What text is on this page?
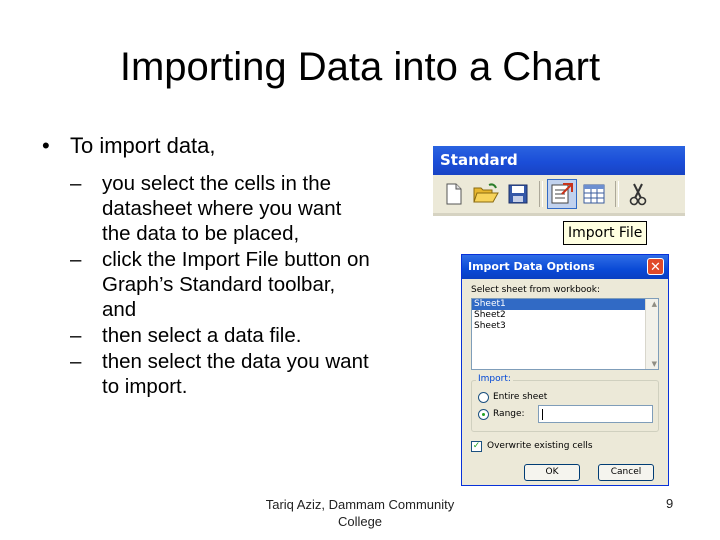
Importing Data into a Chart
• To import data,
– you select the cells in the datasheet where you want the data to be placed,
– click the Import File button on Graph’s Standard toolbar, and
– then select a data file.
– then select the data you want to import.
Standard
Import File
Import Data Options	✕
Select sheet from workbook:
Sheet1
Sheet2
Sheet3
▲
▼
Import:
Entire sheet
Range:
✓ Overwrite existing cells
OK	Cancel
Tariq Aziz, Dammam Community College
9
